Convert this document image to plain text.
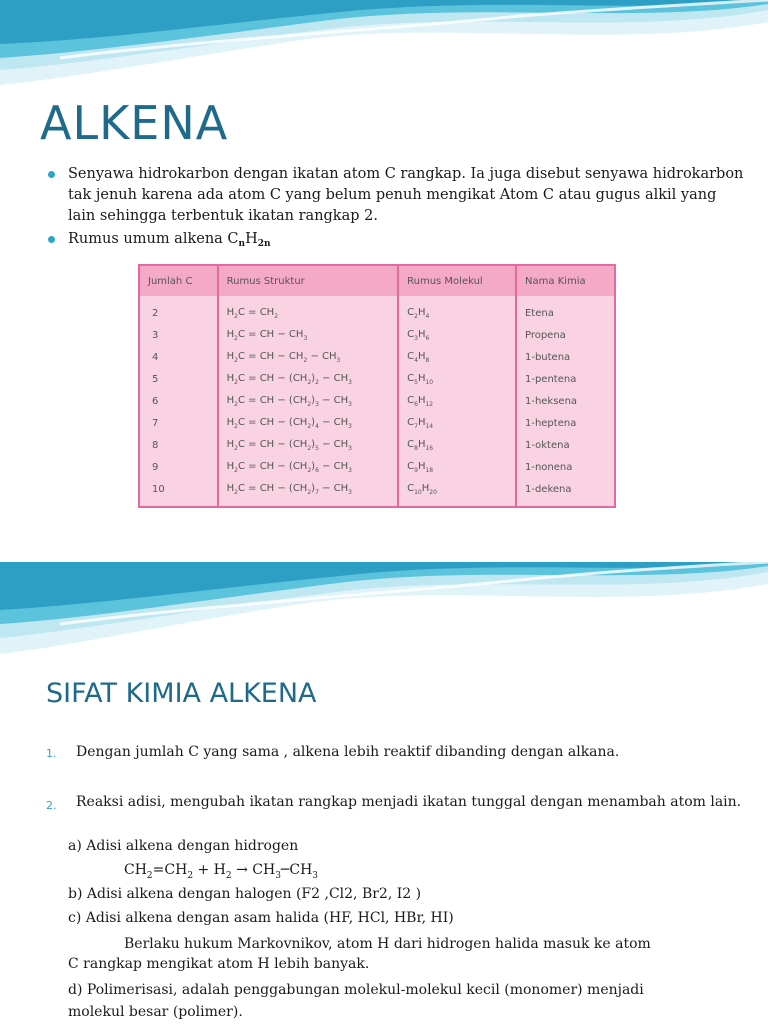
ALKENA
Senyawa hidrokarbon dengan ikatan atom C rangkap. Ia juga disebut senyawa hidrokarbon tak jenuh karena ada atom C yang belum penuh mengikat Atom C atau gugus alkil yang lain sehingga terbentuk ikatan rangkap 2.
Rumus umum alkena $C_nH_{2n}$
Jumlah C	Rumus Struktur	Rumus Molekul	Nama Kimia
2	$H_2C = CH_2$	$C_2H_4$	Etena
3	$H_2C$ = CH − $CH_3$	$C_3H_6$	Propena
4	$H_2C$ = CH − $CH_2 - CH_3$	$C_4H_8$	1-butena
5	$H_2C$ = CH − $(CH_2)_2 - CH_3$	$C_5H_{10}$	1-pentena
6	$H_2C$ = CH − $(CH_2)_3 - CH_3$	$C_6H_{12}$	1-heksena
7	$H_2C$ = CH − $(CH_2)_4 - CH_3$	$C_7H_{14}$	1-heptena
8	$H_2C$ = CH − $(CH_2)_5 - CH_3$	$C_8H_{16}$	1-oktena
9	$H_2C$ = CH − $(CH_2)_6 - CH_3$	$C_9H_{18}$	1-nonena
10	$H_2C$ = CH − $(CH_2)_7 - CH_3$	$C_{10}H_{20}$	1-dekena
SIFAT KIMIA ALKENA
1. Dengan jumlah C yang sama , alkena lebih reaktif dibanding dengan alkana.
2. Reaksi adisi, mengubah ikatan rangkap menjadi ikatan tunggal dengan menambah atom lain.
a) Adisi alkena dengan hidrogen
$CH_2=CH_2 + H_2$ → $CH_3─CH_3$
b) Adisi alkena dengan halogen (F2 ,Cl2, Br2, I2 )
c) Adisi alkena dengan asam halida (HF, HCl, HBr, HI)
Berlaku hukum Markovnikov, atom H dari hidrogen halida masuk ke atom
C rangkap mengikat atom H lebih banyak.
d) Polimerisasi, adalah penggabungan molekul-molekul kecil (monomer) menjadi
molekul besar (polimer).
